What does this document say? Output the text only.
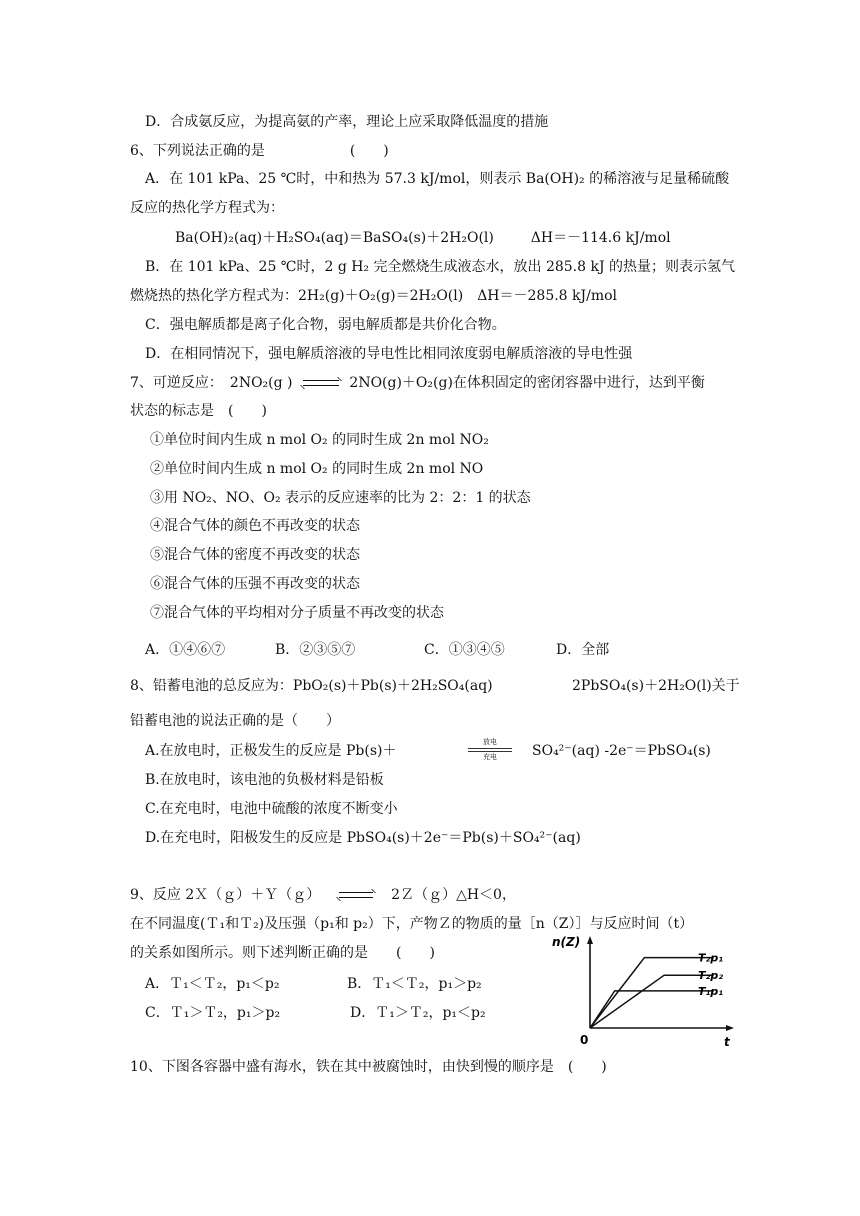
D．合成氨反应，为提高氨的产率，理论上应采取降低温度的措施
6、下列说法正确的是	(　　)
A．在 101 kPa、25 ℃时，中和热为 57.3 kJ/mol，则表示 Ba(OH)₂ 的稀溶液与足量稀硫酸
反应的热化学方程式为：
Ba(OH)₂(aq)＋H₂SO₄(aq)＝BaSO₄(s)＋2H₂O(l)	ΔH＝－114.6 kJ/mol
B．在 101 kPa、25 ℃时，2 g H₂ 完全燃烧生成液态水，放出 285.8 kJ 的热量；则表示氢气
燃烧热的热化学方程式为：2H₂(g)＋O₂(g)＝2H₂O(l)　ΔH＝－285.8 kJ/mol
C．强电解质都是离子化合物，弱电解质都是共价化合物。
D．在相同情况下，强电解质溶液的导电性比相同浓度弱电解质溶液的导电性强
7、可逆反应：　2NO₂(g )	2NO(g)＋O₂(g)在体积固定的密闭容器中进行，达到平衡
状态的标志是　(　　)
①单位时间内生成 n mol O₂ 的同时生成 2n mol NO₂
②单位时间内生成 n mol O₂ 的同时生成 2n mol NO
③用 NO₂、NO、O₂ 表示的反应速率的比为 2：2：1 的状态
④混合气体的颜色不再改变的状态
⑤混合气体的密度不再改变的状态
⑥混合气体的压强不再改变的状态
⑦混合气体的平均相对分子质量不再改变的状态
A．①④⑥⑦	B．②③⑤⑦	C．①③④⑤	D．全部
8、铅蓄电池的总反应为：PbO₂(s)＋Pb(s)＋2H₂SO₄(aq)	2PbSO₄(s)＋2H₂O(l)关于
铅蓄电池的说法正确的是（　　）
A.在放电时，正极发生的反应是 Pb(s)＋
放电
充电	SO₄²⁻(aq) -2e⁻＝PbSO₄(s)
B.在放电时，该电池的负极材料是铅板
C.在充电时，电池中硫酸的浓度不断变小
D.在充电时，阳极发生的反应是 PbSO₄(s)＋2e⁻＝Pb(s)＋SO₄²⁻(aq)
9、反应 2Ｘ（ｇ）＋Ｙ（ｇ）	2Ｚ（ｇ）△H＜0，
在不同温度(Ｔ₁和Ｔ₂)及压强（p₁和 p₂）下，产物Ｚ的物质的量［n（Z）］与反应时间（t）
的关系如图所示。则下述判断正确的是　　(　　)
A．Ｔ₁＜Ｔ₂，p₁＜p₂	B．Ｔ₁＜Ｔ₂，p₁＞p₂
C．Ｔ₁＞Ｔ₂，p₁＞p₂	D．Ｔ₁＞Ｔ₂，p₁＜p₂
n(Z)
t
0
T₂p₁
T₂p₂
T₁p₁
10、下图各容器中盛有海水，铁在其中被腐蚀时，由快到慢的顺序是　(　　)
